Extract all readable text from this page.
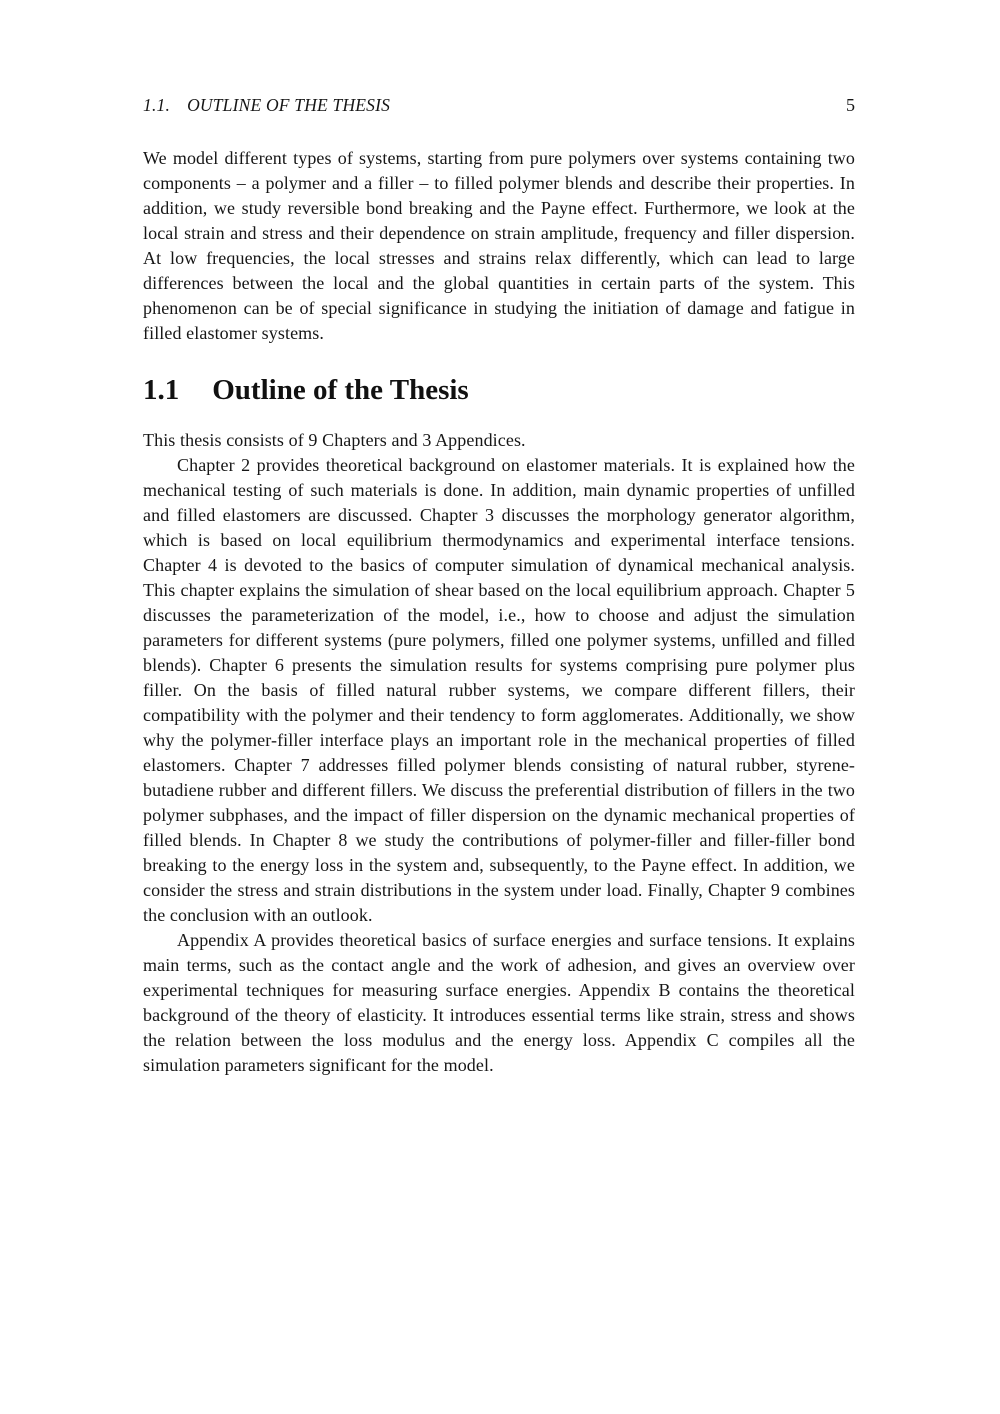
1.1. OUTLINE OF THE THESIS	5

We model different types of systems, starting from pure polymers over systems containing two components – a polymer and a filler – to filled polymer blends and describe their properties. In addition, we study reversible bond breaking and the Payne effect. Furthermore, we look at the local strain and stress and their dependence on strain amplitude, frequency and filler dispersion. At low frequencies, the local stresses and strains relax differently, which can lead to large differences between the local and the global quantities in certain parts of the system. This phenomenon can be of special significance in studying the initiation of damage and fatigue in filled elastomer systems.

1.1 Outline of the Thesis

This thesis consists of 9 Chapters and 3 Appendices.

Chapter 2 provides theoretical background on elastomer materials. It is explained how the mechanical testing of such materials is done. In addition, main dynamic properties of unfilled and filled elastomers are discussed. Chapter 3 discusses the morphology generator algorithm, which is based on local equilibrium thermodynamics and experimental interface tensions. Chapter 4 is devoted to the basics of computer simulation of dynamical mechanical analysis. This chapter explains the simulation of shear based on the local equilibrium approach. Chapter 5 discusses the parameterization of the model, i.e., how to choose and adjust the simulation parameters for different systems (pure polymers, filled one polymer systems, unfilled and filled blends). Chapter 6 presents the simulation results for systems comprising pure polymer plus filler. On the basis of filled natural rubber systems, we compare different fillers, their compatibility with the polymer and their tendency to form agglomerates. Additionally, we show why the polymer-filler interface plays an important role in the mechanical properties of filled elastomers. Chapter 7 addresses filled polymer blends consisting of natural rubber, styrene-butadiene rubber and different fillers. We discuss the preferential distribution of fillers in the two polymer subphases, and the impact of filler dispersion on the dynamic mechanical properties of filled blends. In Chapter 8 we study the contributions of polymer-filler and filler-filler bond breaking to the energy loss in the system and, subsequently, to the Payne effect. In addition, we consider the stress and strain distributions in the system under load. Finally, Chapter 9 combines the conclusion with an outlook.

Appendix A provides theoretical basics of surface energies and surface tensions. It explains main terms, such as the contact angle and the work of adhesion, and gives an overview over experimental techniques for measuring surface energies. Appendix B contains the theoretical background of the theory of elasticity. It introduces essential terms like strain, stress and shows the relation between the loss modulus and the energy loss. Appendix C compiles all the simulation parameters significant for the model.
